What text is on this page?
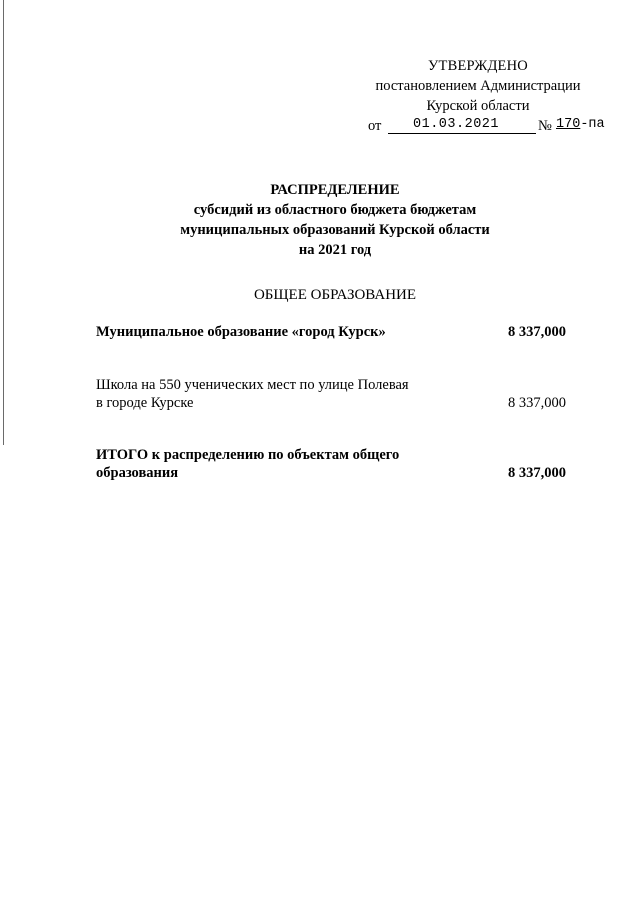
УТВЕРЖДЕНО
постановлением Администрации
Курской области
от 01.03.2021	№ 170-па
РАСПРЕДЕЛЕНИЕ
субсидий из областного бюджета бюджетам
муниципальных образований Курской области
на 2021 год
ОБЩЕЕ ОБРАЗОВАНИЕ
Муниципальное образование «город Курск»	8 337,000
Школа на 550 ученических мест по улице Полевая
в городе Курске	8 337,000
ИТОГО к распределению по объектам общего
образования	8 337,000
